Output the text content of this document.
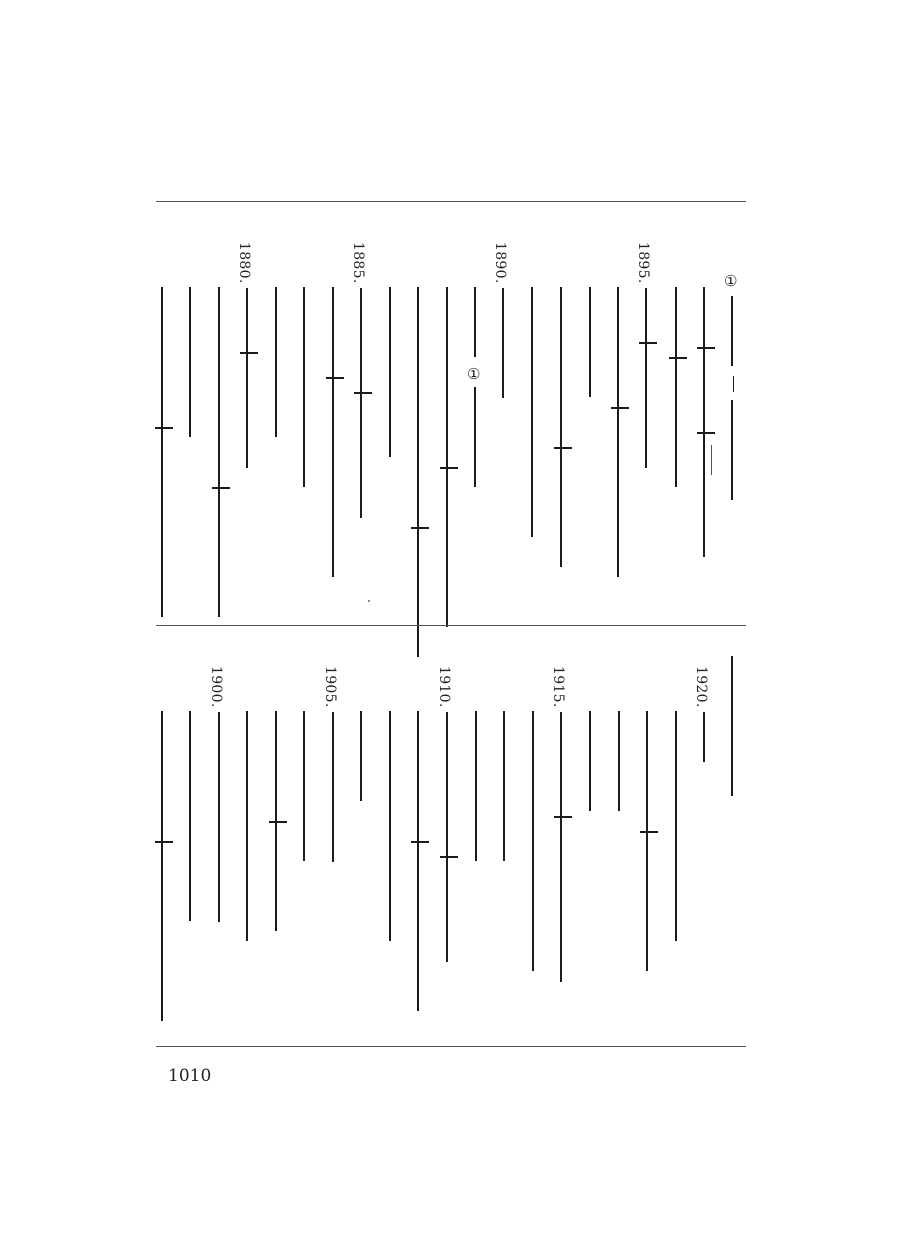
①
1895.
1890.
①
1885.
1880.
1920.
1915.
1910.
1905.
1900.
1010
